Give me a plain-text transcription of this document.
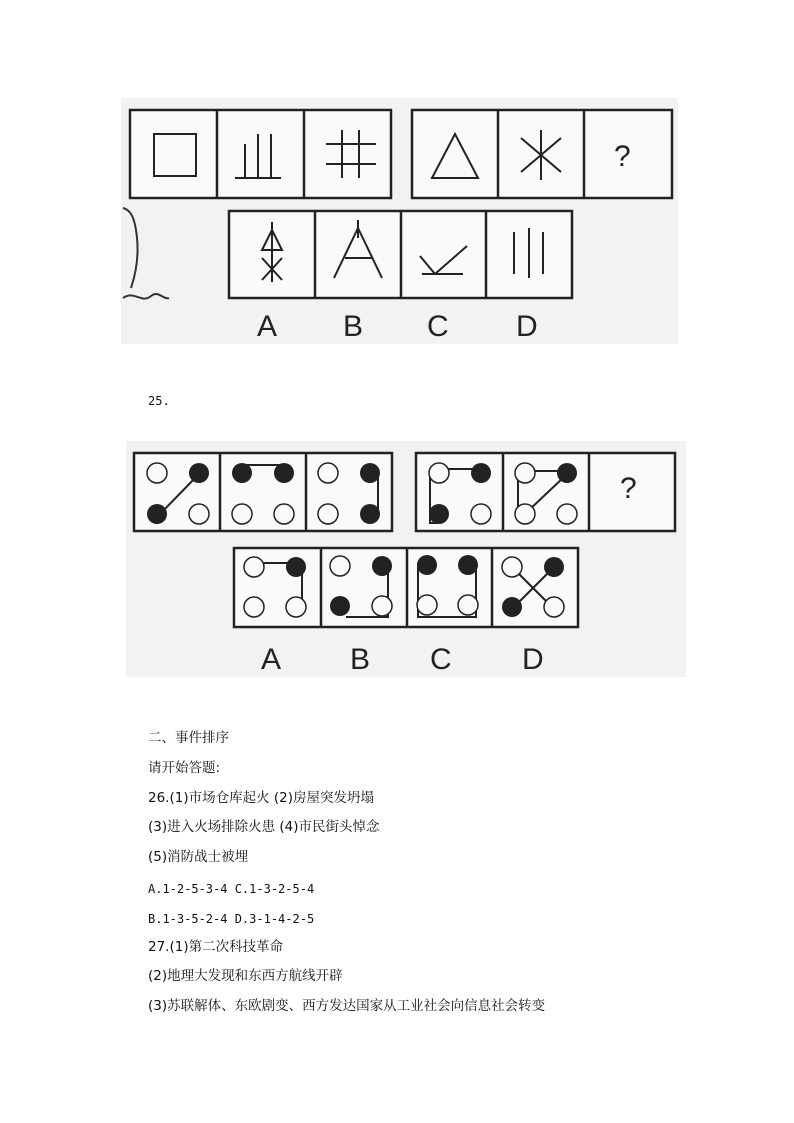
?
A B C D
25.
?
A B C D
二、事件排序
请开始答题:
26.(1)市场仓库起火 (2)房屋突发坍塌
(3)进入火场排除火患 (4)市民街头悼念
(5)消防战士被埋
A.1-2-5-3-4 C.1-3-2-5-4
B.1-3-5-2-4 D.3-1-4-2-5
27.(1)第二次科技革命
(2)地理大发现和东西方航线开辟
(3)苏联解体、东欧剧变、西方发达国家从工业社会向信息社会转变
